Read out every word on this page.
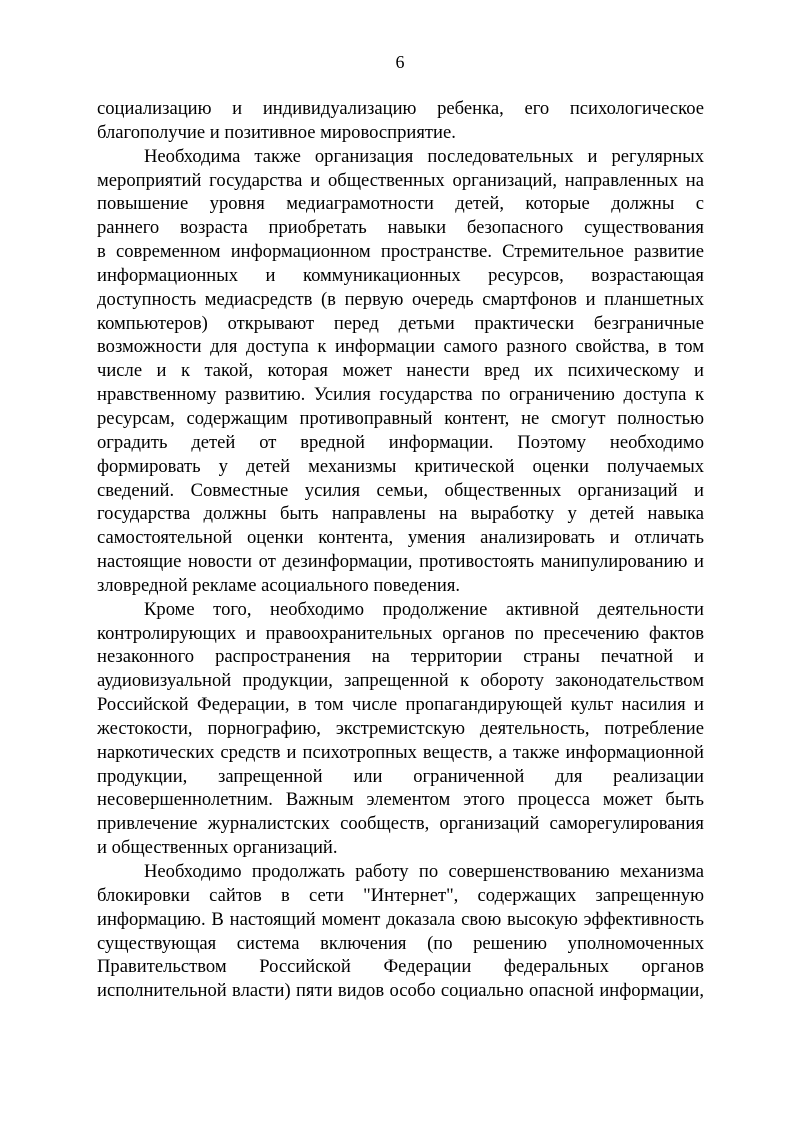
6
социализацию и индивидуализацию ребенка, его психологическое
благополучие и позитивное мировосприятие.
Необходима также организация последовательных и регулярных
мероприятий государства и общественных организаций, направленных на
повышение уровня медиаграмотности детей, которые должны с
раннего возраста приобретать навыки безопасного существования
в современном информационном пространстве. Стремительное развитие
информационных и коммуникационных ресурсов, возрастающая
доступность медиасредств (в первую очередь смартфонов и планшетных
компьютеров) открывают перед детьми практически безграничные
возможности для доступа к информации самого разного свойства, в том
числе и к такой, которая может нанести вред их психическому и
нравственному развитию. Усилия государства по ограничению доступа к
ресурсам, содержащим противоправный контент, не смогут полностью
оградить детей от вредной информации. Поэтому необходимо
формировать у детей механизмы критической оценки получаемых
сведений. Совместные усилия семьи, общественных организаций и
государства должны быть направлены на выработку у детей навыка
самостоятельной оценки контента, умения анализировать и отличать
настоящие новости от дезинформации, противостоять манипулированию и
зловредной рекламе асоциального поведения.
Кроме того, необходимо продолжение активной деятельности
контролирующих и правоохранительных органов по пресечению фактов
незаконного распространения на территории страны печатной и
аудиовизуальной продукции, запрещенной к обороту законодательством
Российской Федерации, в том числе пропагандирующей культ насилия и
жестокости, порнографию, экстремистскую деятельность, потребление
наркотических средств и психотропных веществ, а также информационной
продукции, запрещенной или ограниченной для реализации
несовершеннолетним. Важным элементом этого процесса может быть
привлечение журналистских сообществ, организаций саморегулирования
и общественных организаций.
Необходимо продолжать работу по совершенствованию механизма
блокировки сайтов в сети "Интернет", содержащих запрещенную
информацию. В настоящий момент доказала свою высокую эффективность
существующая система включения (по решению уполномоченных
Правительством Российской Федерации федеральных органов
исполнительной власти) пяти видов особо социально опасной информации,
